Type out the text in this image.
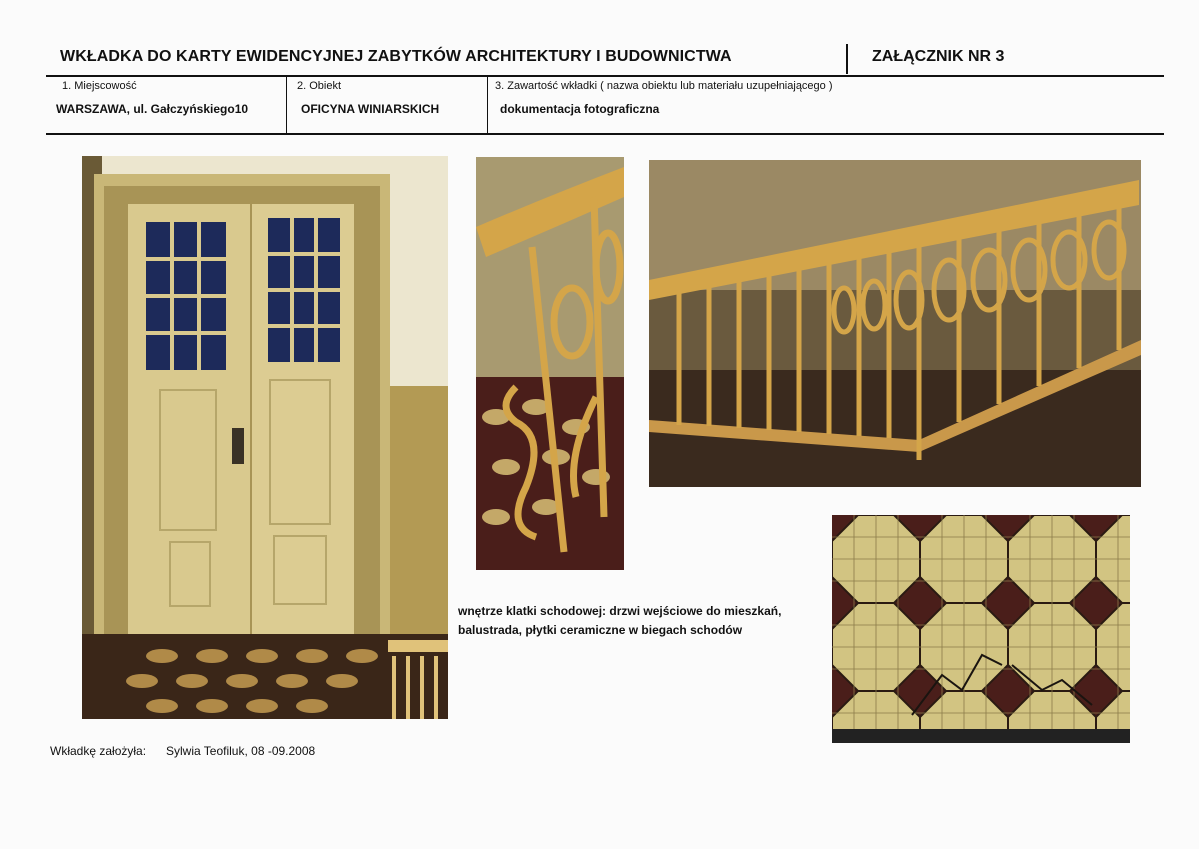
WKŁADKA DO KARTY EWIDENCYJNEJ ZABYTKÓW ARCHITEKTURY I BUDOWNICTWA	ZAŁĄCZNIK NR 3
1. Miejscowość
WARSZAWA, ul. Gałczyńskiego10
2. Obiekt
OFICYNA WINIARSKICH
3. Zawartość wkładki ( nazwa obiektu lub materiału uzupełniającego )
dokumentacja fotograficzna
wnętrze klatki schodowej: drzwi wejściowe do mieszkań,
balustrada, płytki ceramiczne w biegach schodów
Wkładkę założyła: Sylwia Teofiluk, 08 -09.2008
